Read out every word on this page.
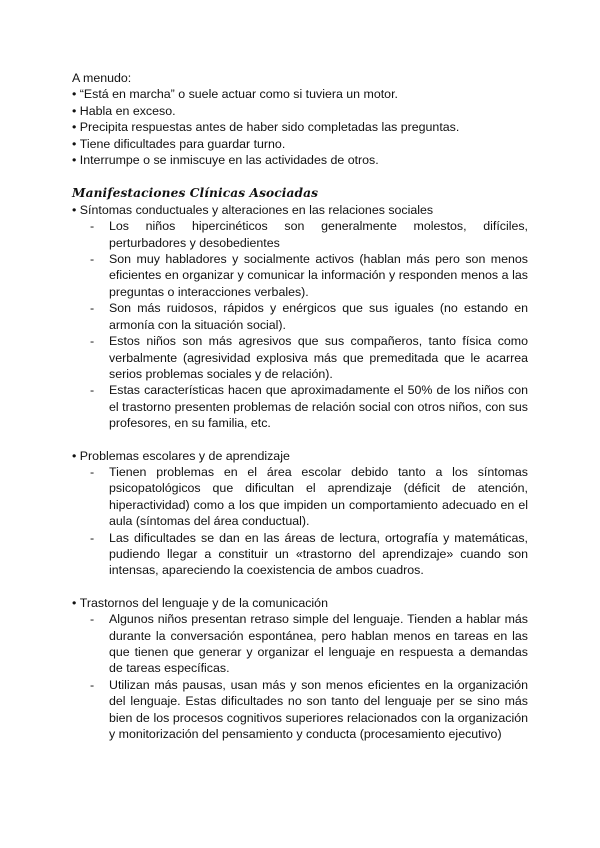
A menudo:
• “Está en marcha” o suele actuar como si tuviera un motor.
• Habla en exceso.
• Precipita respuestas antes de haber sido completadas las preguntas.
• Tiene dificultades para guardar turno.
• Interrumpe o se inmiscuye en las actividades de otros.
Manifestaciones Clínicas Asociadas
• Síntomas conductuales y alteraciones en las relaciones sociales
- Los niños hipercinéticos son generalmente molestos, difíciles, perturbadores y desobedientes
- Son muy habladores y socialmente activos (hablan más pero son menos eficientes en organizar y comunicar la información y responden menos a las preguntas o interacciones verbales).
- Son más ruidosos, rápidos y enérgicos que sus iguales (no estando en armonía con la situación social).
- Estos niños son más agresivos que sus compañeros, tanto física como verbalmente (agresividad explosiva más que premeditada que le acarrea serios problemas sociales y de relación).
- Estas características hacen que aproximadamente el 50% de los niños con el trastorno presenten problemas de relación social con otros niños, con sus profesores, en su familia, etc.
• Problemas escolares y de aprendizaje
- Tienen problemas en el área escolar debido tanto a los síntomas psicopatológicos que dificultan el aprendizaje (déficit de atención, hiperactividad) como a los que impiden un comportamiento adecuado en el aula (síntomas del área conductual).
- Las dificultades se dan en las áreas de lectura, ortografía y matemáticas, pudiendo llegar a constituir un «trastorno del aprendizaje» cuando son intensas, apareciendo la coexistencia de ambos cuadros.
• Trastornos del lenguaje y de la comunicación
- Algunos niños presentan retraso simple del lenguaje. Tienden a hablar más durante la conversación espontánea, pero hablan menos en tareas en las que tienen que generar y organizar el lenguaje en respuesta a demandas de tareas específicas.
- Utilizan más pausas, usan más y son menos eficientes en la organización del lenguaje. Estas dificultades no son tanto del lenguaje per se sino más bien de los procesos cognitivos superiores relacionados con la organización y monitorización del pensamiento y conducta (procesamiento ejecutivo)
